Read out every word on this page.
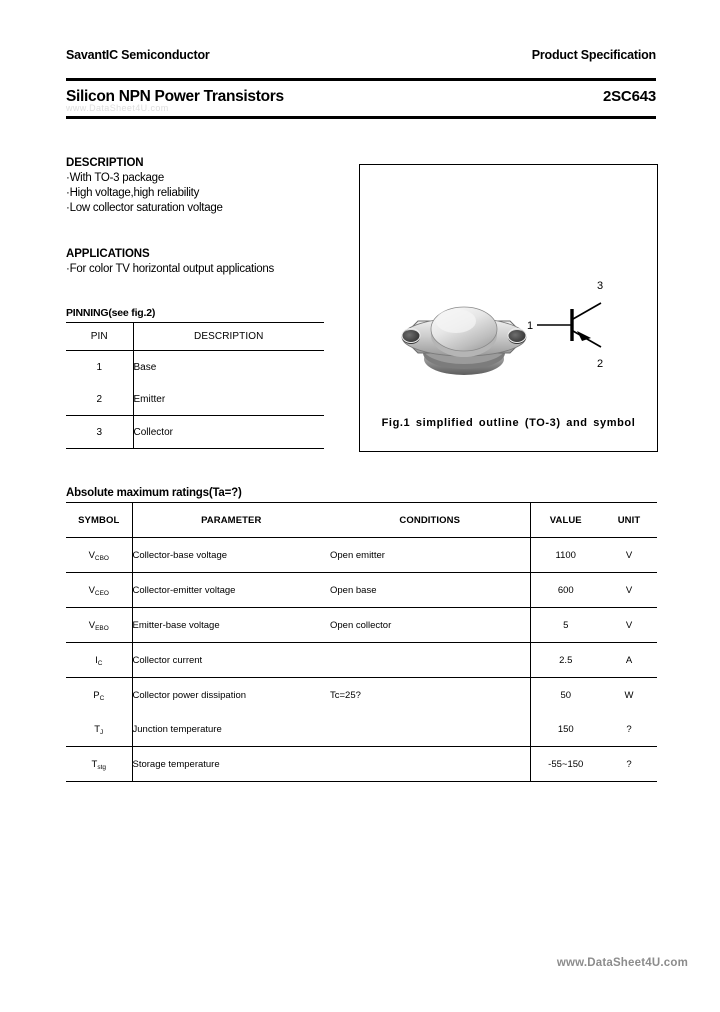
SavantIC Semiconductor	Product Specification
Silicon NPN Power Transistors	2SC643
www.DataSheet4U.com
DESCRIPTION
·With TO-3 package
·High voltage,high reliability
·Low collector saturation voltage
APPLICATIONS
·For color TV horizontal output applications
PINNING(see fig.2)
PIN	DESCRIPTION
1	Base
2	Emitter
3	Collector
1
3
2
Fig.1 simplified outline (TO-3) and symbol
Absolute maximum ratings(Ta=?)
SYMBOL	PARAMETER	CONDITIONS	VALUE	UNIT
$V_{CBO}$	Collector-base voltage	Open emitter	1100	V
$V_{CEO}$	Collector-emitter voltage	Open base	600	V
$V_{EBO}$	Emitter-base voltage	Open collector	5	V
$I_C$	Collector current		2.5	A
$P_C$	Collector power dissipation	Tc=25?	50	W
$T_J$	Junction temperature		150	?
$T_{stg}$	Storage temperature		-55~150	?
www.DataSheet4U.com
